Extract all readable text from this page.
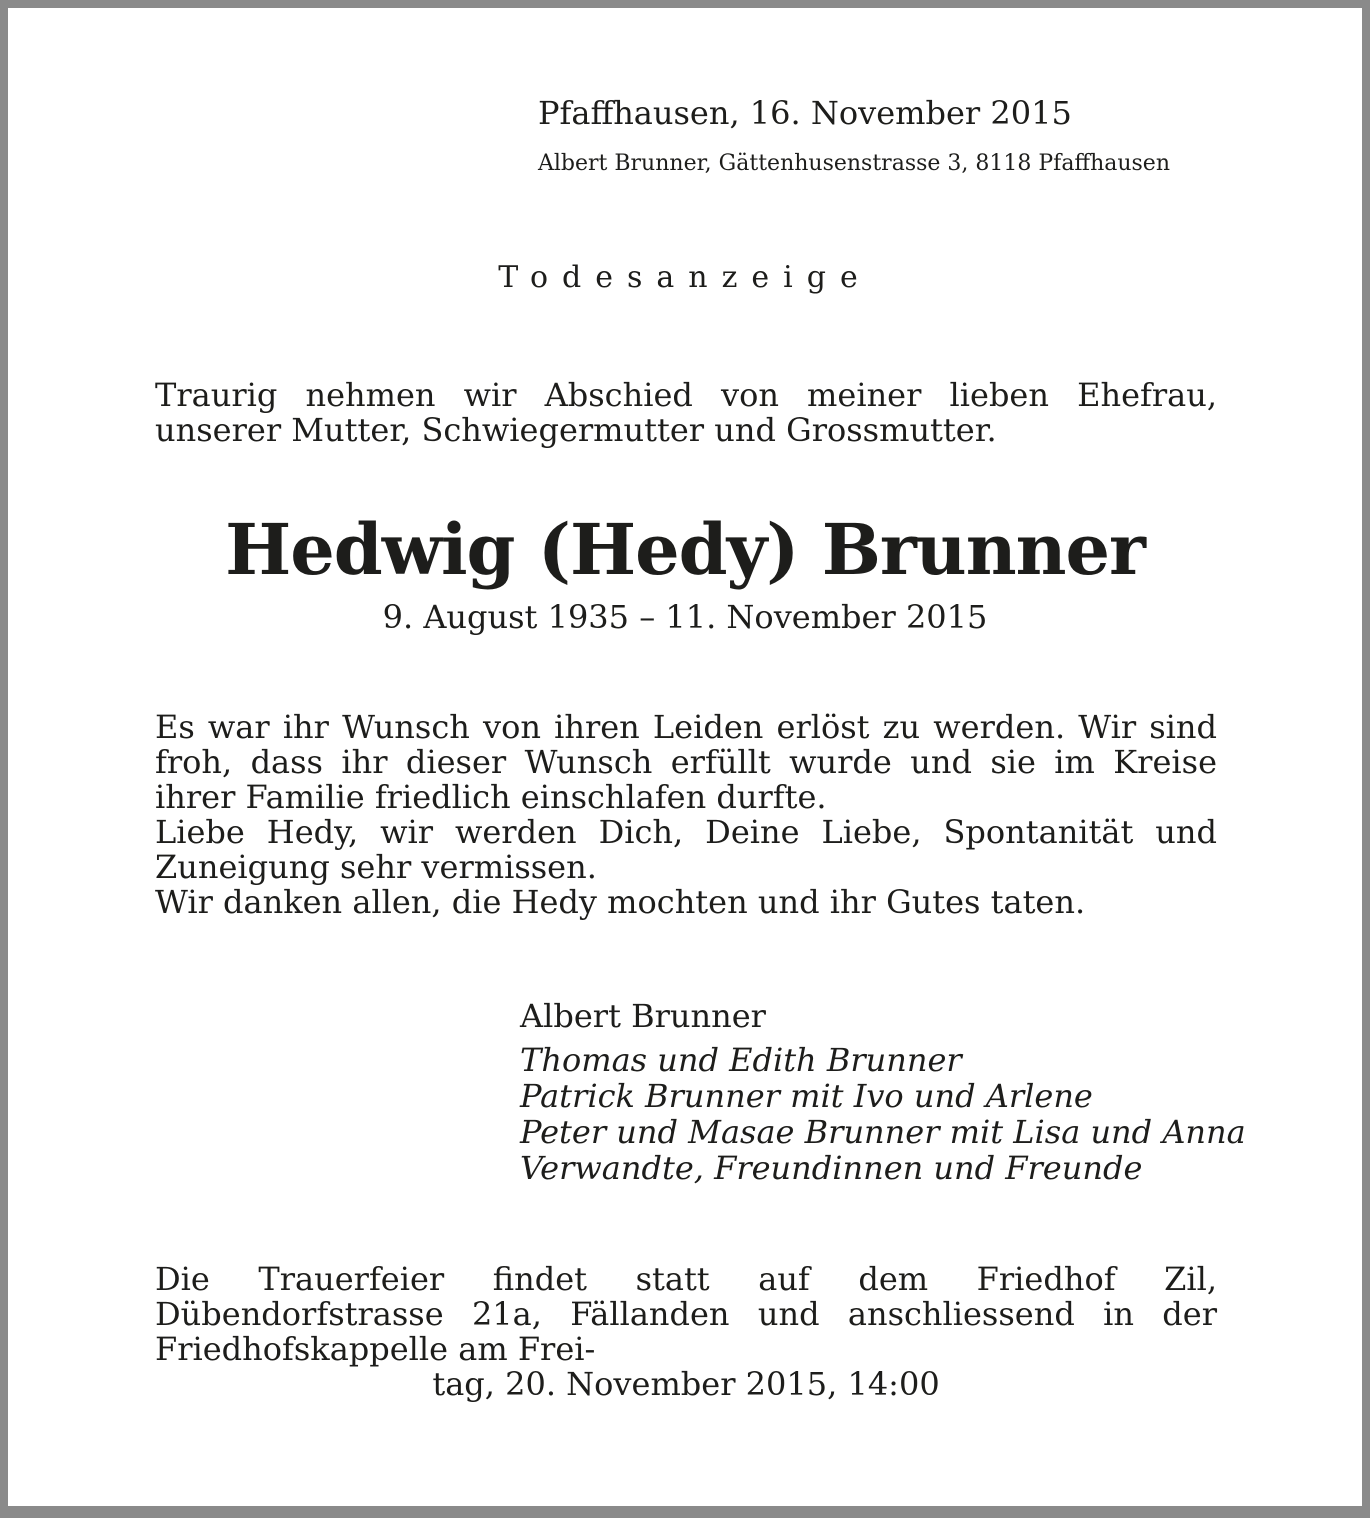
Pfaffhausen, 16. November 2015
Albert Brunner, Gättenhusenstrasse 3, 8118 Pfaffhausen
Todesanzeige
Traurig nehmen wir Abschied von meiner lieben Ehefrau, unserer Mutter, Schwiegermutter und Grossmutter.
Hedwig (Hedy) Brunner
9. August 1935 – 11. November 2015
Es war ihr Wunsch von ihren Leiden erlöst zu werden. Wir sind froh, dass ihr dieser Wunsch erfüllt wurde und sie im Kreise ihrer Familie friedlich einschlafen durfte.
Liebe Hedy, wir werden Dich, Deine Liebe, Spontanität und Zuneigung sehr vermissen.
Wir danken allen, die Hedy mochten und ihr Gutes taten.
Albert Brunner
Thomas und Edith Brunner
Patrick Brunner mit Ivo und Arlene
Peter und Masae Brunner mit Lisa und Anna
Verwandte, Freundinnen und Freunde
Die Trauerfeier findet statt auf dem Friedhof Zil, Dübendorfstrasse 21a, Fällanden und anschliessend in der Friedhofskappelle am Frei-
tag, 20. November 2015, 14:00
